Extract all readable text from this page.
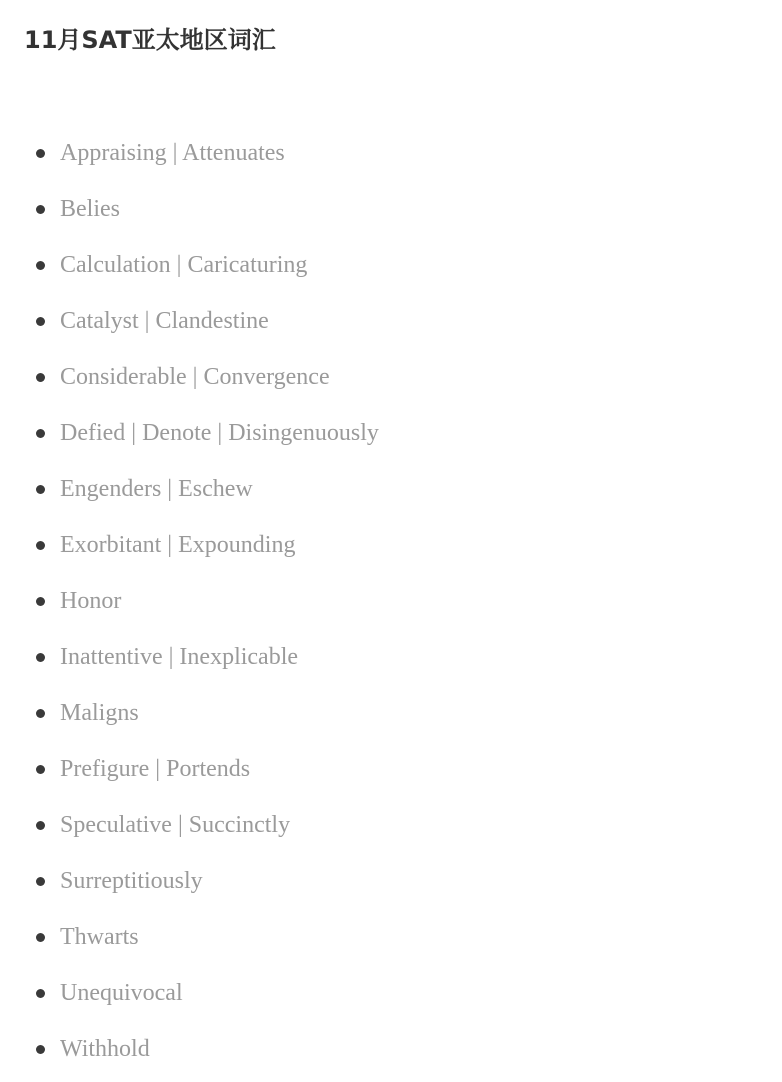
11月SAT亚太地区词汇
Appraising | Attenuates
Belies
Calculation | Caricaturing
Catalyst | Clandestine
Considerable | Convergence
Defied | Denote | Disingenuously
Engenders | Eschew
Exorbitant | Expounding
Honor
Inattentive | Inexplicable
Maligns
Prefigure | Portends
Speculative | Succinctly
Surreptitiously
Thwarts
Unequivocal
Withhold
